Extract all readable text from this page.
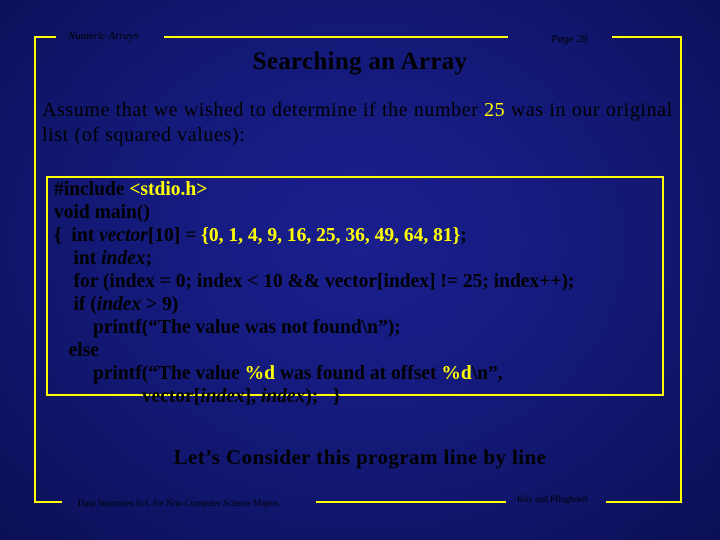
Numeric Arrays	Page 28
Searching an Array
Assume that we wished to determine if the number 25 was in our original list (of squared values):
#include <stdio.h>
void main()
{  int vector[10] = {0, 1, 4, 9, 16, 25, 36, 49, 64, 81};
int index;
for (index = 0; index < 10 && vector[index] != 25; index++);
if (index > 9)
printf(“The value was not found\n”);
else
printf(“The value %d was found at offset %d\n”,
vector[index], index);   }
Let’s Consider this program line by line
Data Structures in C for Non-Computer Science Majors	Kirs and Pflughoeft
